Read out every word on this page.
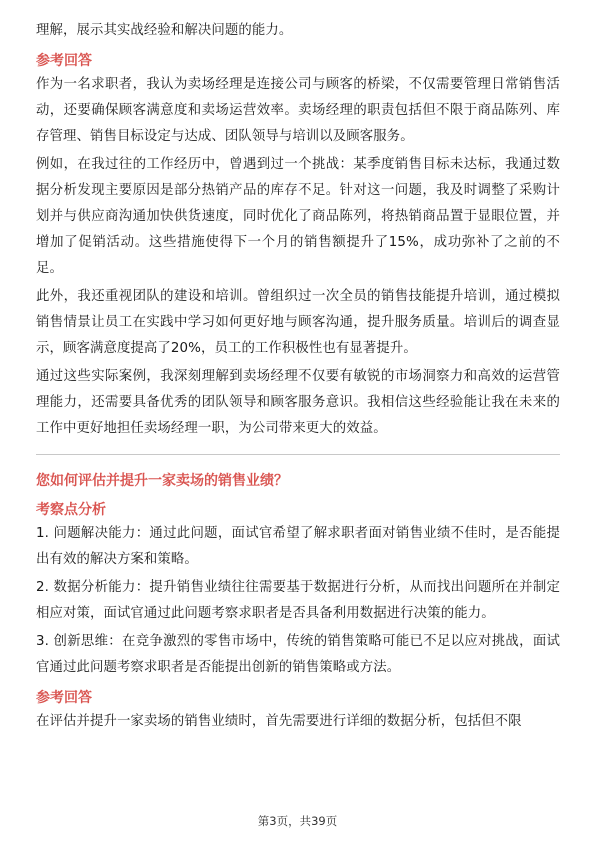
理解，展示其实战经验和解决问题的能力。

参考回答

作为一名求职者，我认为卖场经理是连接公司与顾客的桥梁，不仅需要管理日常销售活动，还要确保顾客满意度和卖场运营效率。卖场经理的职责包括但不限于商品陈列、库存管理、销售目标设定与达成、团队领导与培训以及顾客服务。

例如，在我过往的工作经历中，曾遇到过一个挑战：某季度销售目标未达标，我通过数据分析发现主要原因是部分热销产品的库存不足。针对这一问题，我及时调整了采购计划并与供应商沟通加快供货速度，同时优化了商品陈列，将热销商品置于显眼位置，并增加了促销活动。这些措施使得下一个月的销售额提升了15%，成功弥补了之前的不足。

此外，我还重视团队的建设和培训。曾组织过一次全员的销售技能提升培训，通过模拟销售情景让员工在实践中学习如何更好地与顾客沟通，提升服务质量。培训后的调查显示，顾客满意度提高了20%，员工的工作积极性也有显著提升。

通过这些实际案例，我深刻理解到卖场经理不仅要有敏锐的市场洞察力和高效的运营管理能力，还需要具备优秀的团队领导和顾客服务意识。我相信这些经验能让我在未来的工作中更好地担任卖场经理一职，为公司带来更大的效益。

您如何评估并提升一家卖场的销售业绩？
考察点分析

1. 问题解决能力：通过此问题，面试官希望了解求职者面对销售业绩不佳时，是否能提出有效的解决方案和策略。

2. 数据分析能力：提升销售业绩往往需要基于数据进行分析，从而找出问题所在并制定相应对策，面试官通过此问题考察求职者是否具备利用数据进行决策的能力。

3. 创新思维：在竞争激烈的零售市场中，传统的销售策略可能已不足以应对挑战，面试官通过此问题考察求职者是否能提出创新的销售策略或方法。

参考回答

在评估并提升一家卖场的销售业绩时，首先需要进行详细的数据分析，包括但不限

第3页，共39页
